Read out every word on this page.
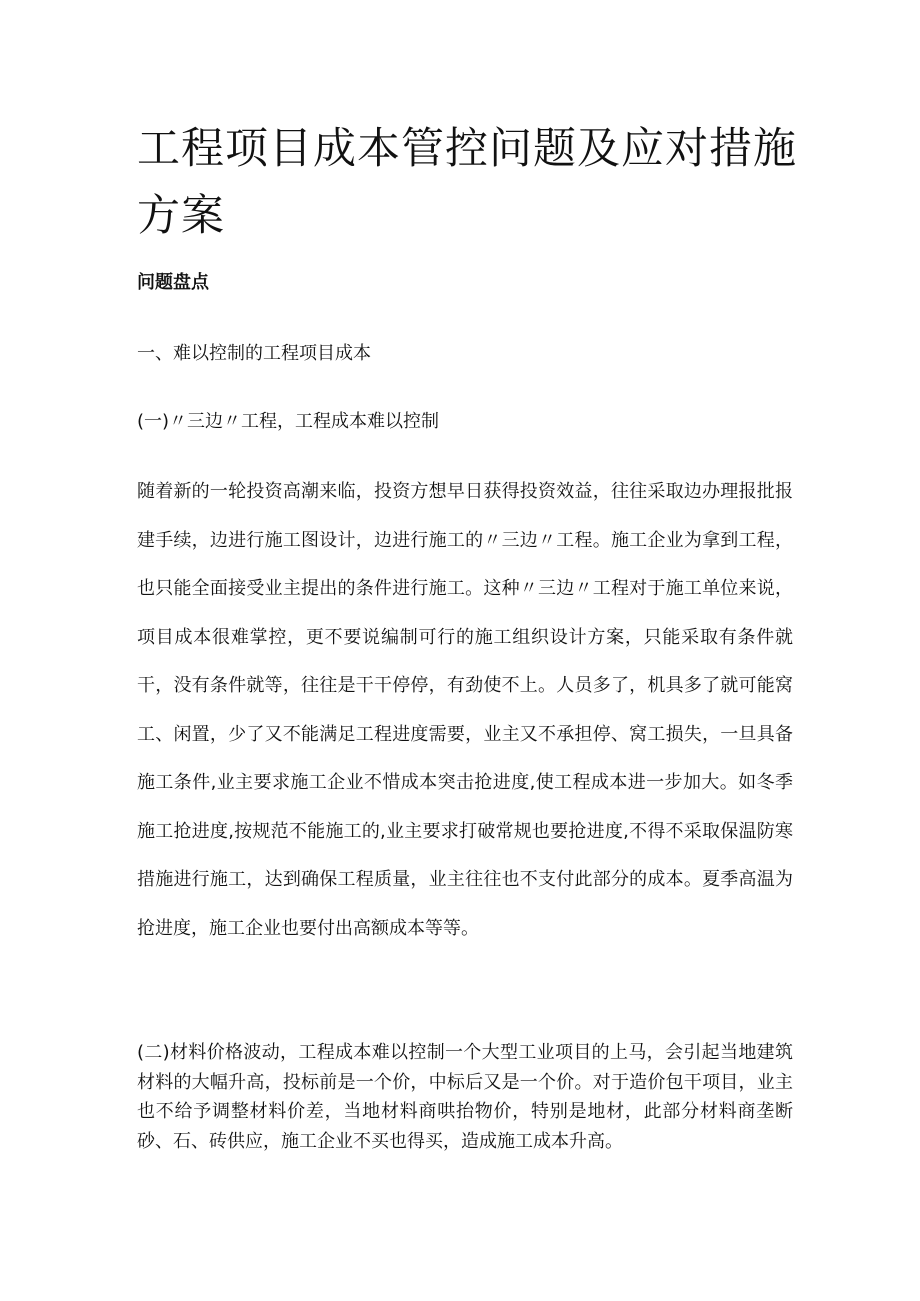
工程项目成本管控问题及应对措施方案

问题盘点

一、难以控制的工程项目成本

(一)〃三边〃工程，工程成本难以控制

随着新的一轮投资高潮来临，投资方想早日获得投资效益，往往采取边办理报批报建手续，边进行施工图设计，边进行施工的〃三边〃工程。施工企业为拿到工程，也只能全面接受业主提出的条件进行施工。这种〃三边〃工程对于施工单位来说，项目成本很难掌控，更不要说编制可行的施工组织设计方案，只能采取有条件就干，没有条件就等，往往是干干停停，有劲使不上。人员多了，机具多了就可能窝工、闲置，少了又不能满足工程进度需要，业主又不承担停、窝工损失，一旦具备施工条件,业主要求施工企业不惜成本突击抢进度,使工程成本进一步加大。如冬季施工抢进度,按规范不能施工的,业主要求打破常规也要抢进度,不得不采取保温防寒措施进行施工，达到确保工程质量，业主往往也不支付此部分的成本。夏季高温为抢进度，施工企业也要付出高额成本等等。

(二)材料价格波动，工程成本难以控制一个大型工业项目的上马，会引起当地建筑材料的大幅升高，投标前是一个价，中标后又是一个价。对于造价包干项目，业主也不给予调整材料价差，当地材料商哄抬物价，特别是地材，此部分材料商垄断砂、石、砖供应，施工企业不买也得买，造成施工成本升高。
